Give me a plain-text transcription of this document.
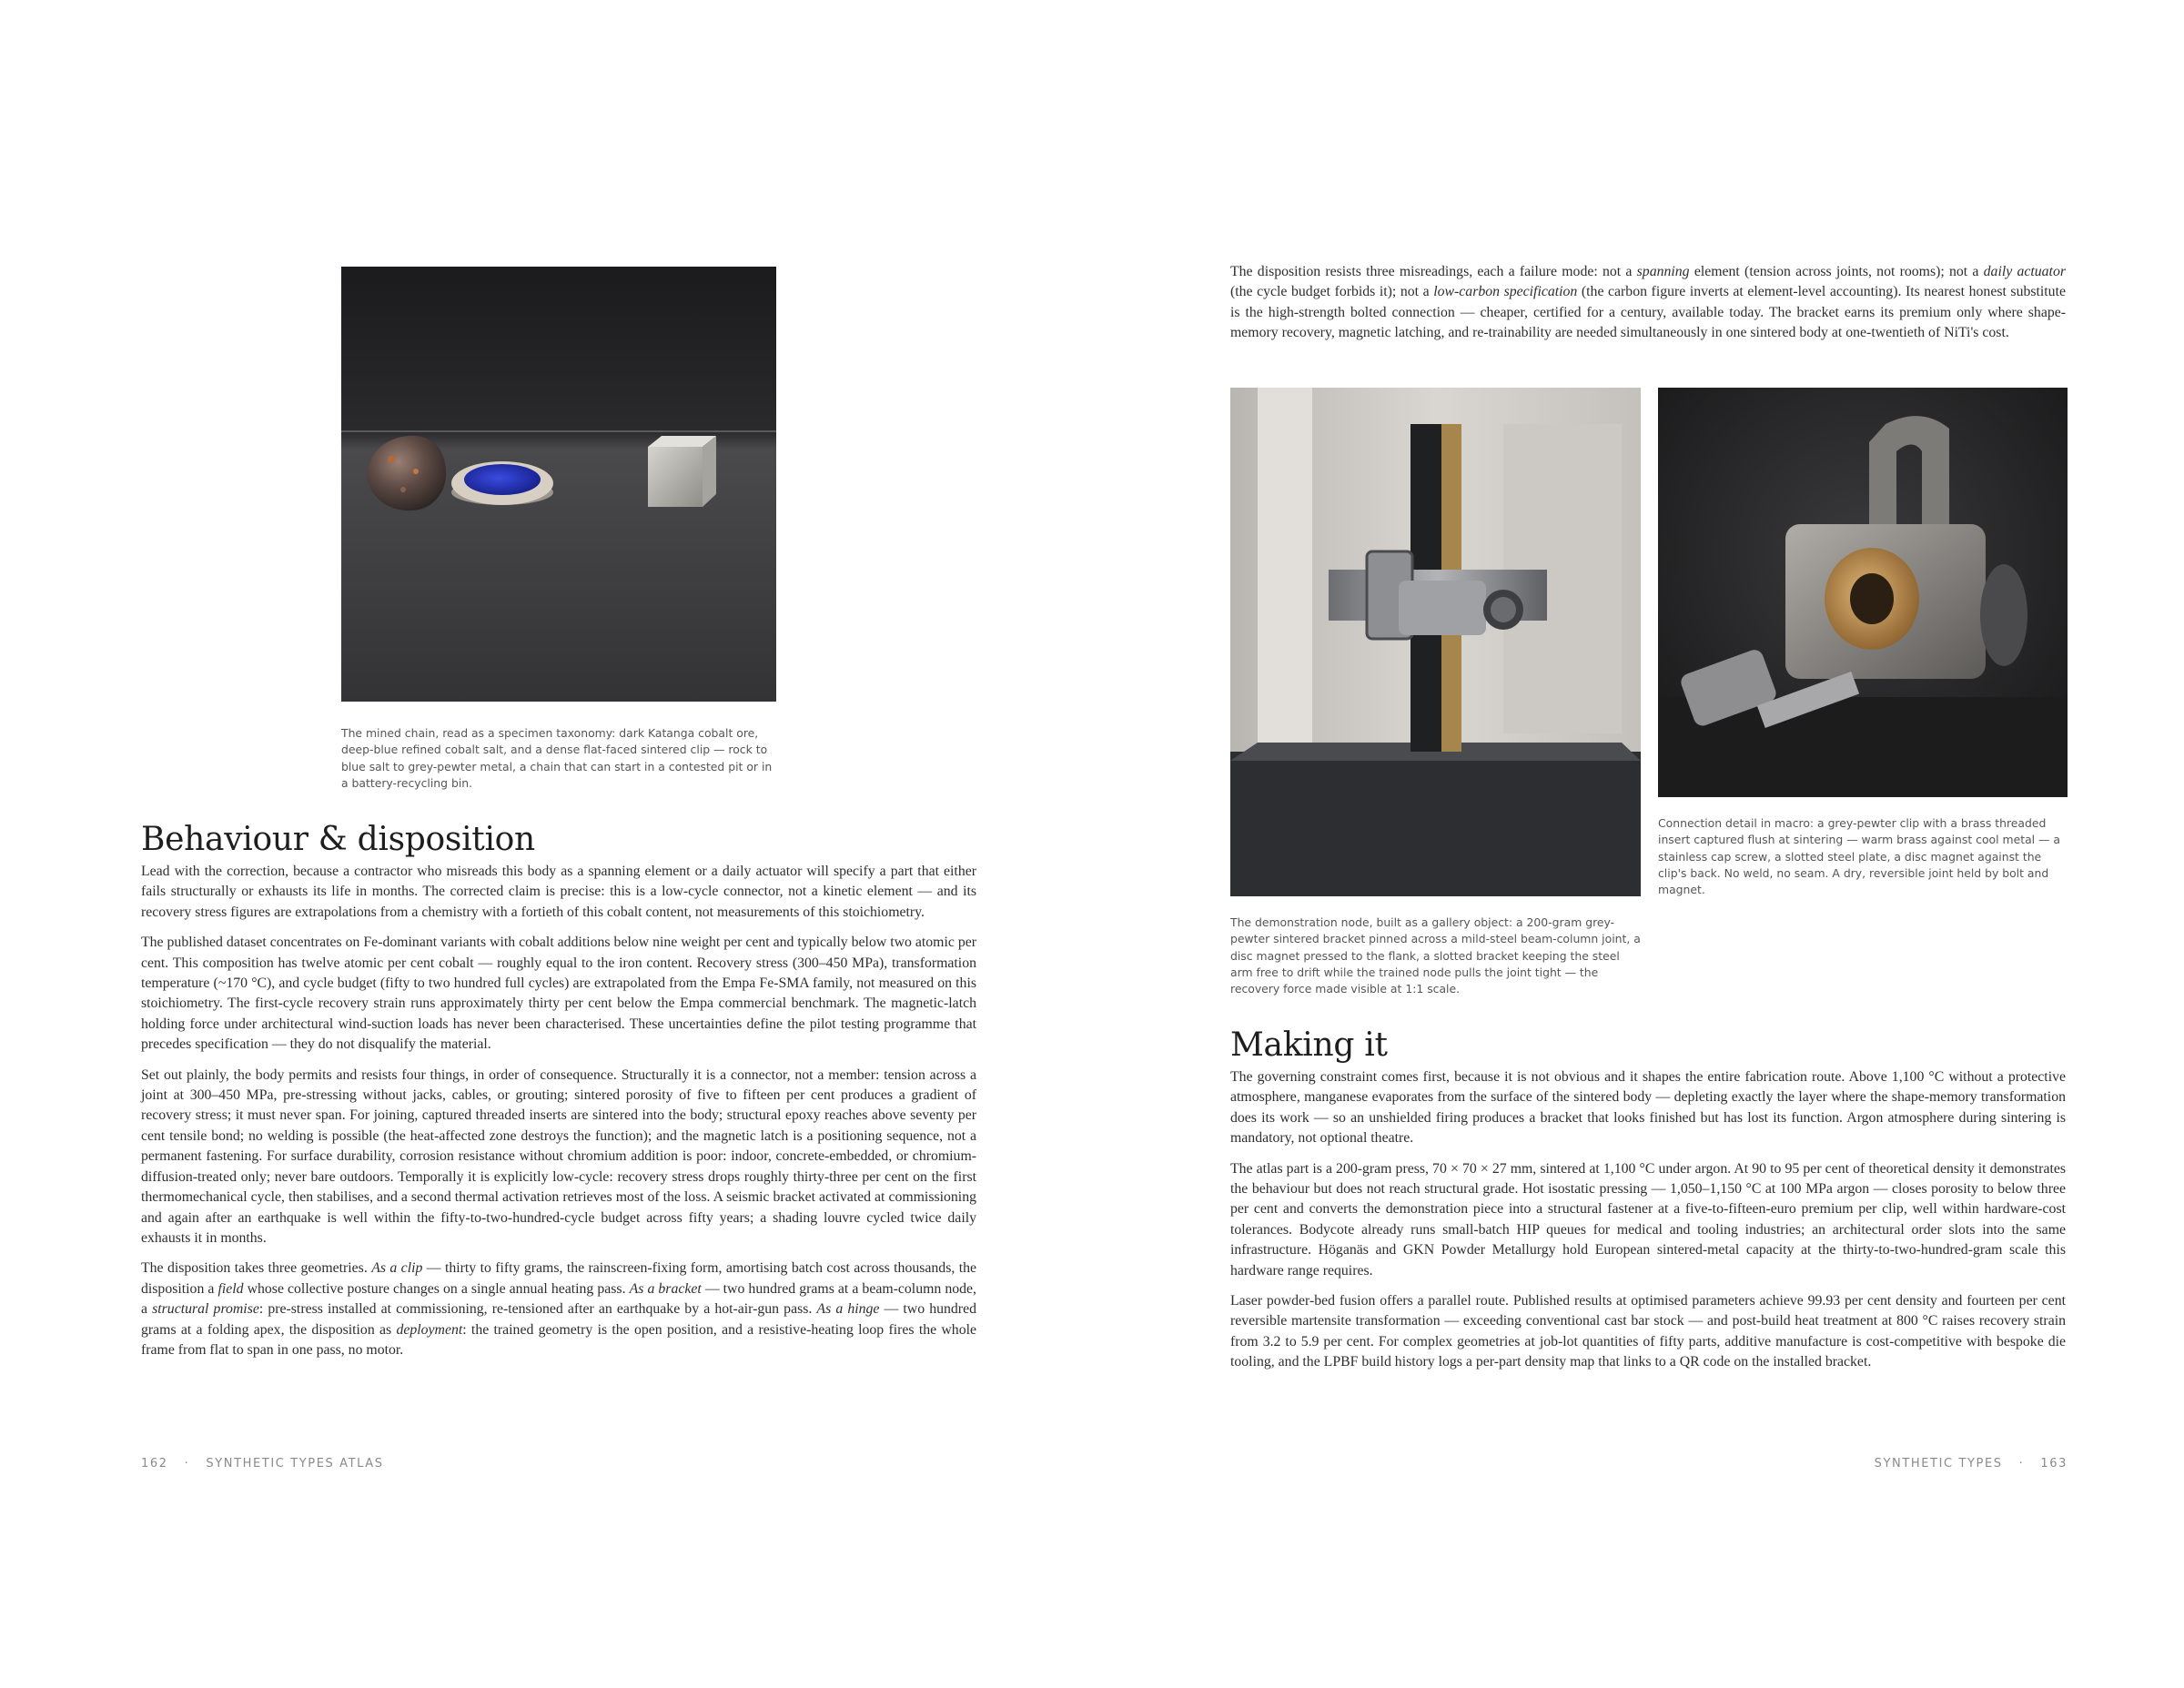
The mined chain, read as a specimen taxonomy: dark Katanga cobalt ore, deep-blue refined cobalt salt, and a dense flat-faced sintered clip — rock to blue salt to grey-pewter metal, a chain that can start in a contested pit or in a battery-recycling bin.

Behaviour & disposition

Lead with the correction, because a contractor who misreads this body as a spanning element or a daily actuator will specify a part that either fails structurally or exhausts its life in months. The corrected claim is precise: this is a low-cycle connector, not a kinetic element — and its recovery stress figures are extrapolations from a chemistry with a fortieth of this cobalt content, not measurements of this stoichiometry.

The published dataset concentrates on Fe-dominant variants with cobalt additions below nine weight per cent and typically below two atomic per cent. This composition has twelve atomic per cent cobalt — roughly equal to the iron content. Recovery stress (300–450 MPa), transformation temperature (~170 °C), and cycle budget (fifty to two hundred full cycles) are extrapolated from the Empa Fe-SMA family, not measured on this stoichiometry. The first-cycle recovery strain runs approximately thirty per cent below the Empa commercial benchmark. The magnetic-latch holding force under architectural wind-suction loads has never been characterised. These uncertainties define the pilot testing programme that precedes specification — they do not disqualify the material.

Set out plainly, the body permits and resists four things, in order of consequence. Structurally it is a connector, not a member: tension across a joint at 300–450 MPa, pre-stressing without jacks, cables, or grouting; sintered porosity of five to fifteen per cent produces a gradient of recovery stress; it must never span. For joining, captured threaded inserts are sintered into the body; structural epoxy reaches above seventy per cent tensile bond; no welding is possible (the heat-affected zone destroys the function); and the magnetic latch is a positioning sequence, not a permanent fastening. For surface durability, corrosion resistance without chromium addition is poor: indoor, concrete-embedded, or chromium-diffusion-treated only; never bare outdoors. Temporally it is explicitly low-cycle: recovery stress drops roughly thirty-three per cent on the first thermomechanical cycle, then stabilises, and a second thermal activation retrieves most of the loss. A seismic bracket activated at commissioning and again after an earthquake is well within the fifty-to-two-hundred-cycle budget across fifty years; a shading louvre cycled twice daily exhausts it in months.

The disposition takes three geometries. As a clip — thirty to fifty grams, the rainscreen-fixing form, amortising batch cost across thousands, the disposition a field whose collective posture changes on a single annual heating pass. As a bracket — two hundred grams at a beam-column node, a structural promise: pre-stress installed at commissioning, re-tensioned after an earthquake by a hot-air-gun pass. As a hinge — two hundred grams at a folding apex, the disposition as deployment: the trained geometry is the open position, and a resistive-heating loop fires the whole frame from flat to span in one pass, no motor.

162 · SYNTHETIC TYPES ATLAS

The disposition resists three misreadings, each a failure mode: not a spanning element (tension across joints, not rooms); not a daily actuator (the cycle budget forbids it); not a low-carbon specification (the carbon figure inverts at element-level accounting). Its nearest honest substitute is the high-strength bolted connection — cheaper, certified for a century, available today. The bracket earns its premium only where shape-memory recovery, magnetic latching, and re-trainability are needed simultaneously in one sintered body at one-twentieth of NiTi's cost.

The demonstration node, built as a gallery object: a 200-gram grey-pewter sintered bracket pinned across a mild-steel beam-column joint, a disc magnet pressed to the flank, a slotted bracket keeping the steel arm free to drift while the trained node pulls the joint tight — the recovery force made visible at 1:1 scale.

Connection detail in macro: a grey-pewter clip with a brass threaded insert captured flush at sintering — warm brass against cool metal — a stainless cap screw, a slotted steel plate, a disc magnet against the clip's back. No weld, no seam. A dry, reversible joint held by bolt and magnet.

Making it

The governing constraint comes first, because it is not obvious and it shapes the entire fabrication route. Above 1,100 °C without a protective atmosphere, manganese evaporates from the surface of the sintered body — depleting exactly the layer where the shape-memory transformation does its work — so an unshielded firing produces a bracket that looks finished but has lost its function. Argon atmosphere during sintering is mandatory, not optional theatre.

The atlas part is a 200-gram press, 70 × 70 × 27 mm, sintered at 1,100 °C under argon. At 90 to 95 per cent of theoretical density it demonstrates the behaviour but does not reach structural grade. Hot isostatic pressing — 1,050–1,150 °C at 100 MPa argon — closes porosity to below three per cent and converts the demonstration piece into a structural fastener at a five-to-fifteen-euro premium per clip, well within hardware-cost tolerances. Bodycote already runs small-batch HIP queues for medical and tooling industries; an architectural order slots into the same infrastructure. Höganäs and GKN Powder Metallurgy hold European sintered-metal capacity at the thirty-to-two-hundred-gram scale this hardware range requires.

Laser powder-bed fusion offers a parallel route. Published results at optimised parameters achieve 99.93 per cent density and fourteen per cent reversible martensite transformation — exceeding conventional cast bar stock — and post-build heat treatment at 800 °C raises recovery strain from 3.2 to 5.9 per cent. For complex geometries at job-lot quantities of fifty parts, additive manufacture is cost-competitive with bespoke die tooling, and the LPBF build history logs a per-part density map that links to a QR code on the installed bracket.

SYNTHETIC TYPES · 163
